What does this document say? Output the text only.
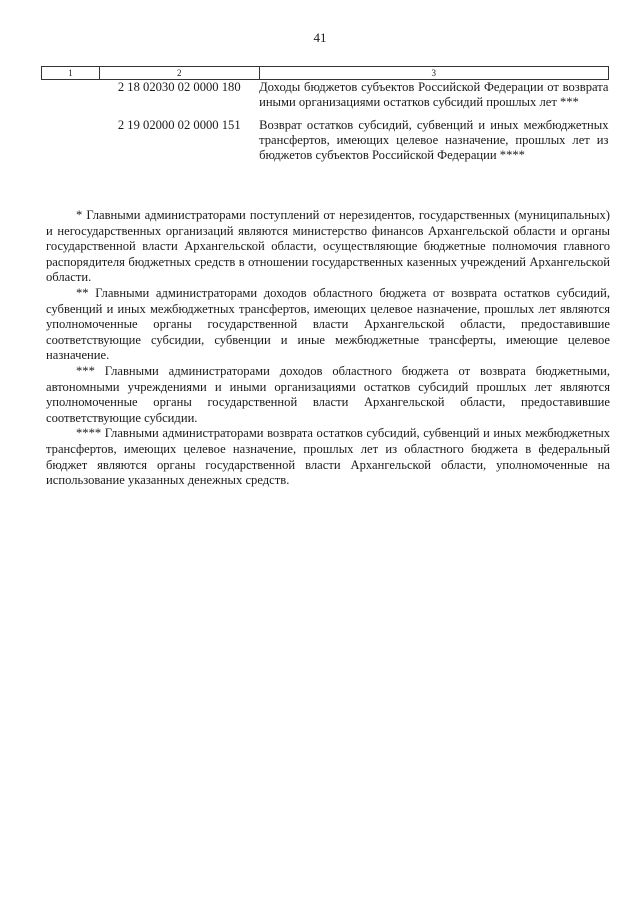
41
1	2	3
	2 18 02030 02 0000 180	Доходы бюджетов субъектов Российской Федерации от возврата иными организациями остатков субсидий прошлых лет ***

	2 19 02000 02 0000 151	Возврат остатков субсидий, субвенций и иных межбюджетных трансфертов, имеющих целевое назначение, прошлых лет из бюджетов субъектов Российской Федерации ****

* Главными администраторами поступлений от нерезидентов, государственных (муниципальных) и негосударственных организаций являются министерство финансов Архангельской области и органы государственной власти Архангельской области, осуществляющие бюджетные полномочия главного распорядителя бюджетных средств в отношении государственных казенных учреждений Архангельской области.

** Главными администраторами доходов областного бюджета от возврата остатков субсидий, субвенций и иных межбюджетных трансфертов, имеющих целевое назначение, прошлых лет являются уполномоченные органы государственной власти Архангельской области, предоставившие соответствующие субсидии, субвенции и иные межбюджетные трансферты, имеющие целевое назначение.

*** Главными администраторами доходов областного бюджета от возврата бюджетными, автономными учреждениями и иными организациями остатков субсидий прошлых лет являются уполномоченные органы государственной власти Архангельской области, предоставившие соответствующие субсидии.

**** Главными администраторами возврата остатков субсидий, субвенций и иных межбюджетных трансфертов, имеющих целевое назначение, прошлых лет из областного бюджета в федеральный бюджет являются органы государственной власти Архангельской области, уполномоченные на использование указанных денежных средств.
